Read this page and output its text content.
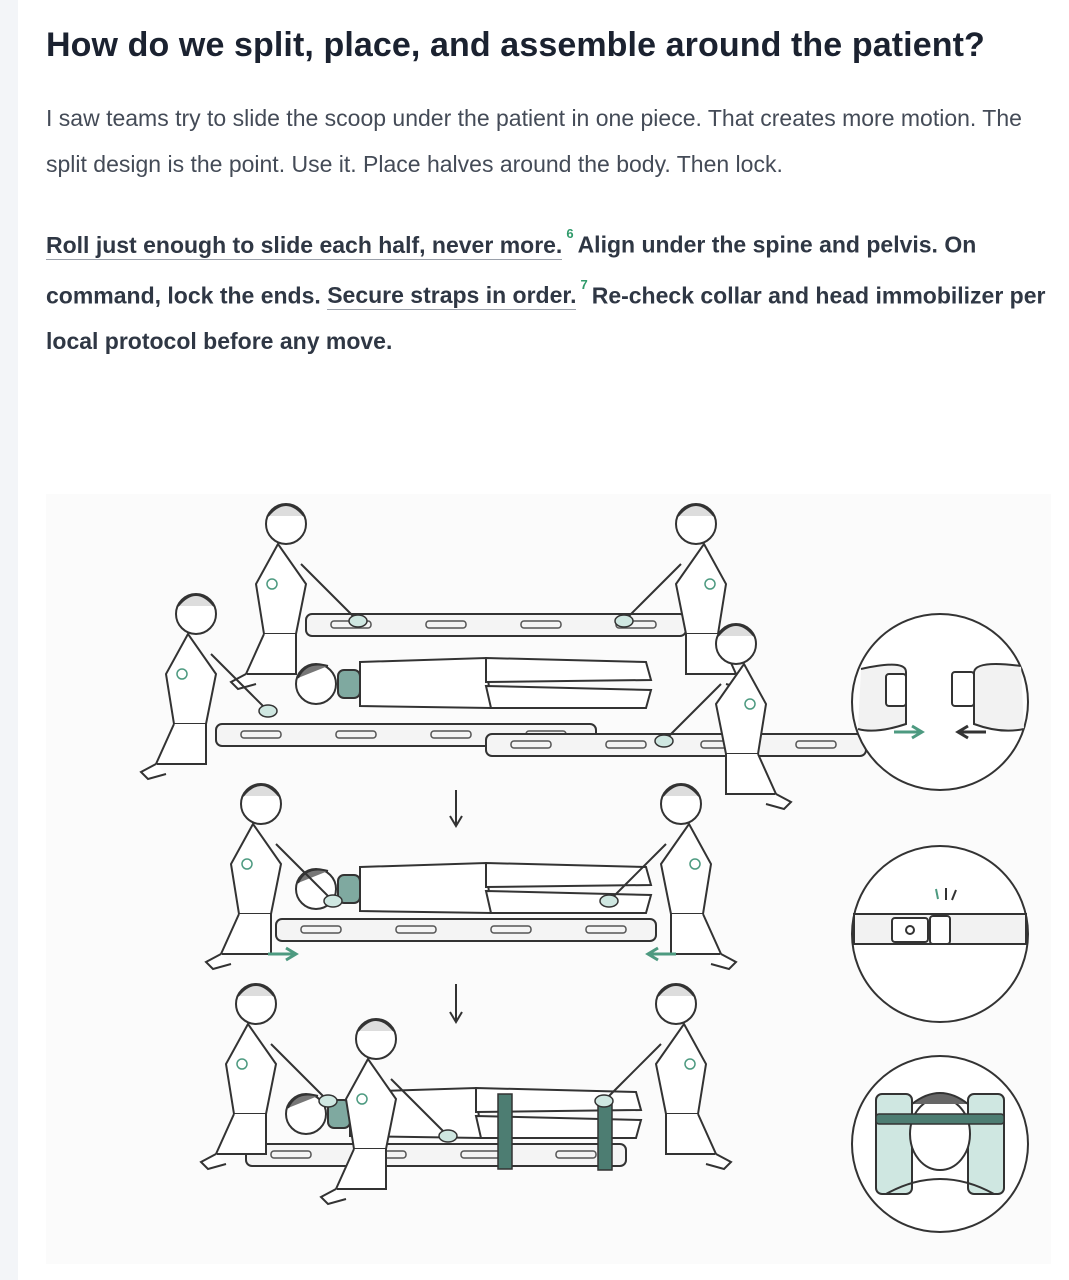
How do we split, place, and assemble around the patient?

I saw teams try to slide the scoop under the patient in one piece. That creates more motion. The split design is the point. Use it. Place halves around the body. Then lock.

Roll just enough to slide each half, never more. $^6$ Align under the spine and pelvis. On command, lock the ends. Secure straps in order. $^7$ Re-check collar and head immobilizer per local protocol before any move.
